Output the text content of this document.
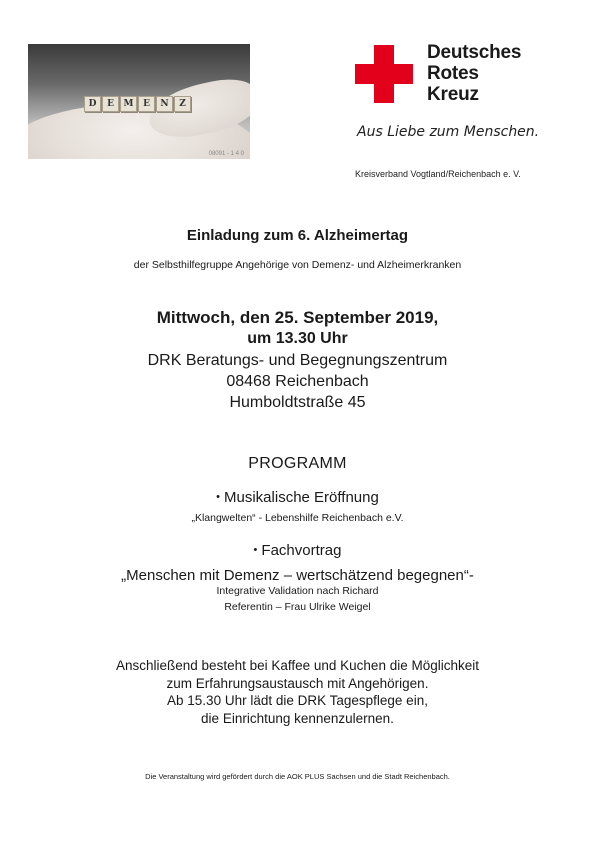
D	E	M	E	N	Z
08091 - 1 4 0
Deutsches
Rotes
Kreuz
Aus Liebe zum Menschen.
Kreisverband Vogtland/Reichenbach e. V.
Einladung zum 6. Alzheimertag
der Selbsthilfegruppe Angehörige von Demenz- und Alzheimerkranken
Mittwoch, den 25. September 2019,
um 13.30 Uhr
DRK Beratungs- und Begegnungszentrum
08468 Reichenbach
Humboldtstraße 45
PROGRAMM
• Musikalische Eröffnung
„Klangwelten“ - Lebenshilfe Reichenbach e.V.
• Fachvortrag
„Menschen mit Demenz – wertschätzend begegnen“-
Integrative Validation nach Richard
Referentin – Frau Ulrike Weigel
Anschließend besteht bei Kaffee und Kuchen die Möglichkeit
zum Erfahrungsaustausch mit Angehörigen.
Ab 15.30 Uhr lädt die DRK Tagespflege ein,
die Einrichtung kennenzulernen.
Die Veranstaltung wird gefördert durch die AOK PLUS Sachsen und die Stadt Reichenbach.
